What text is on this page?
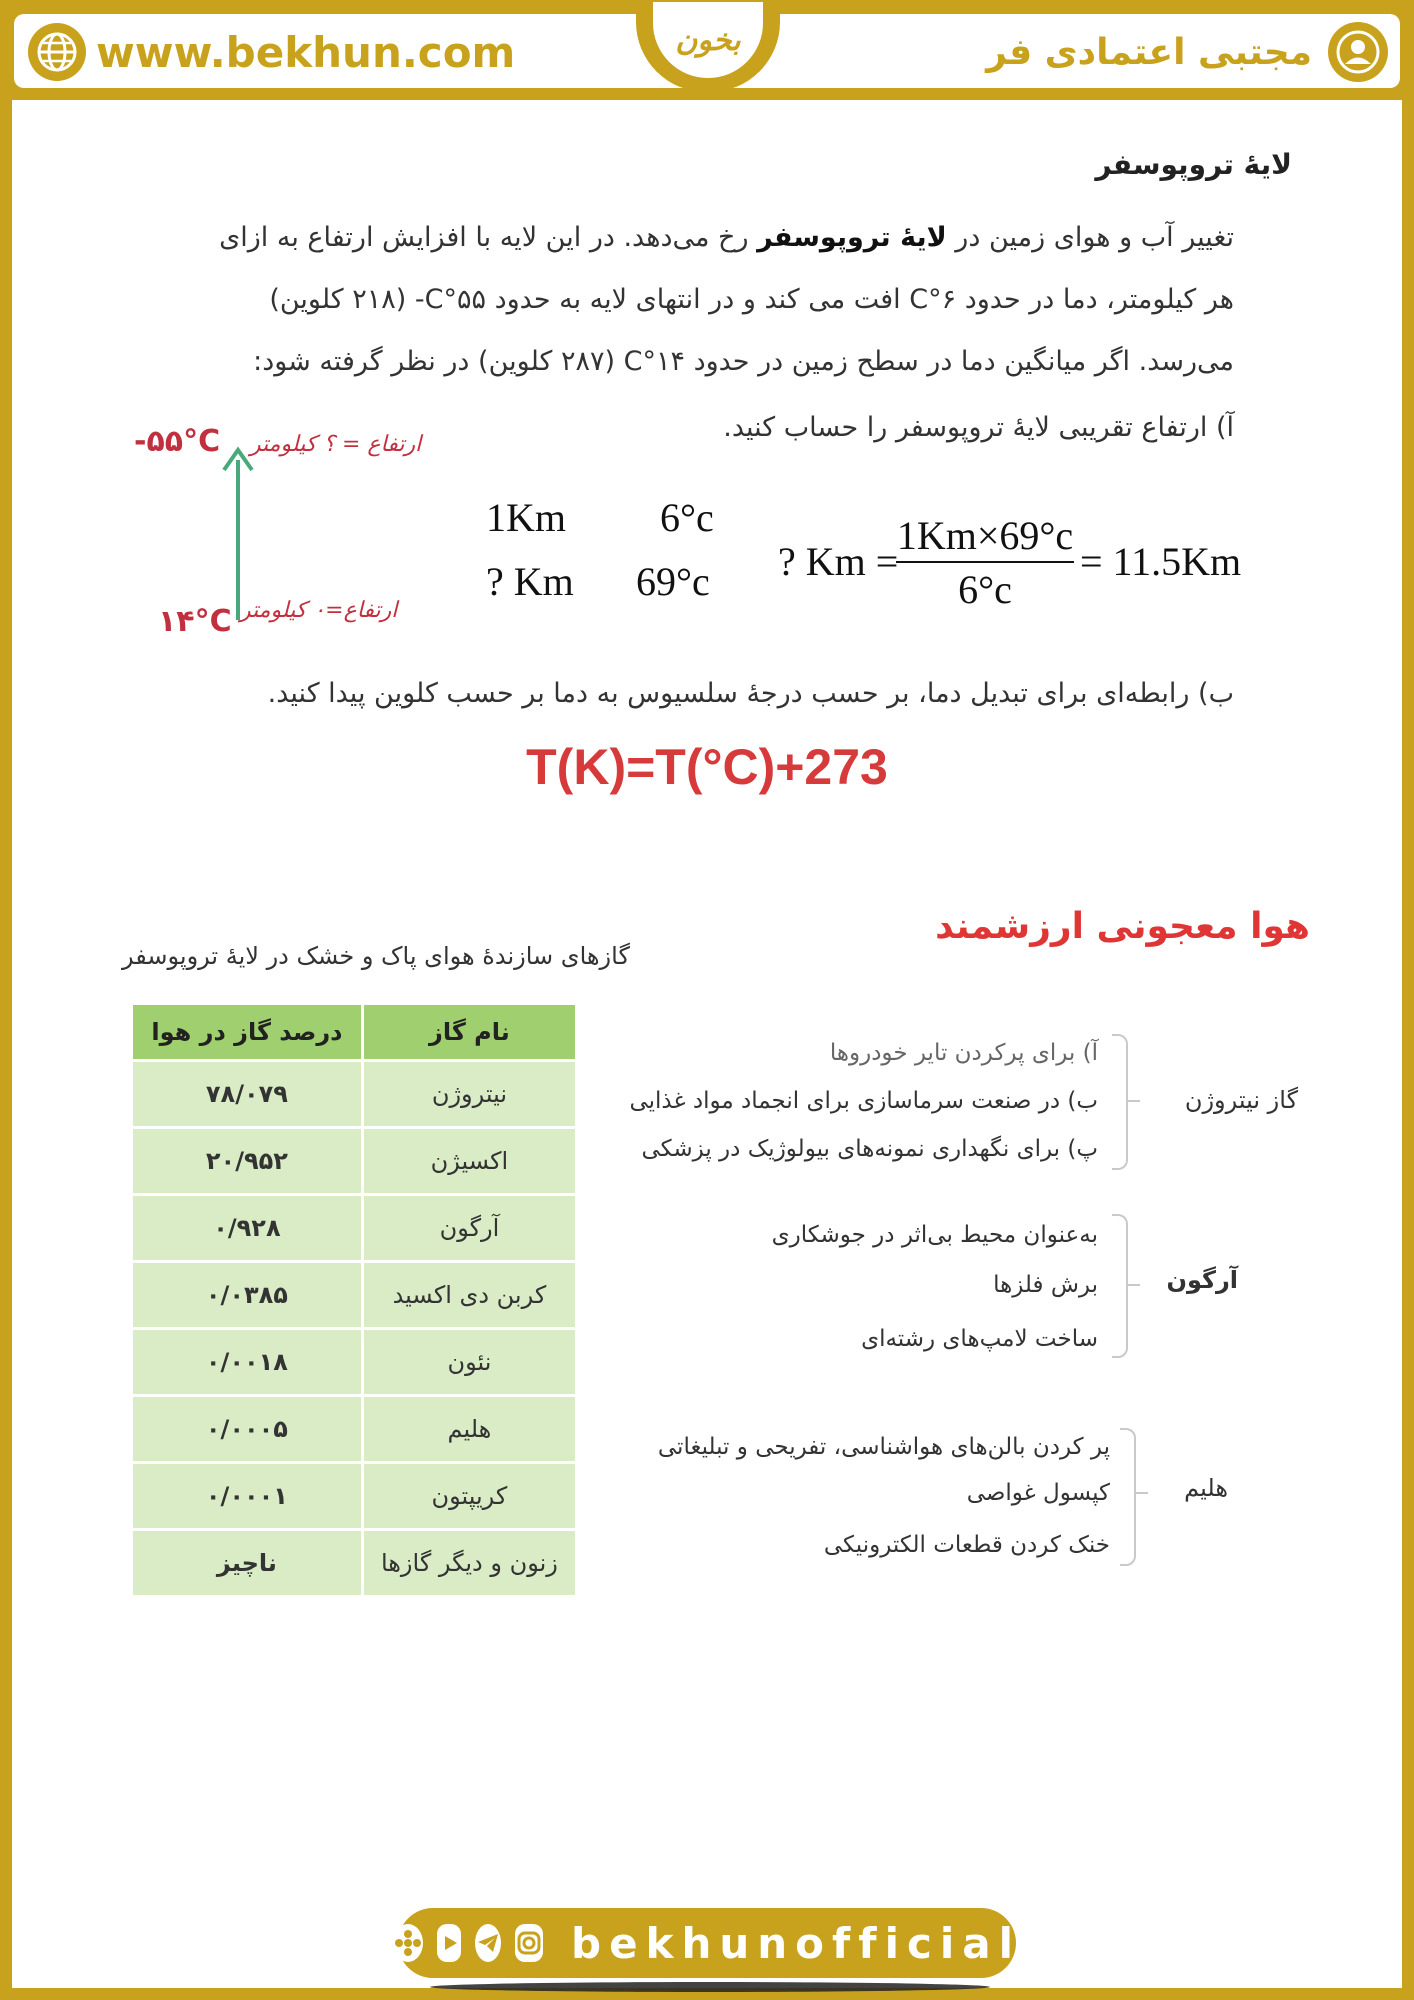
www.bekhun.com	بخون	مجتبی اعتمادی فر
لایهٔ تروپوسفر
تغییر آب و هوای زمین در لایهٔ تروپوسفر رخ می‌دهد. در این لایه با افزایش ارتفاع به ازای
هر کیلومتر، دما در حدود ۶°C افت می کند و در انتهای لایه به حدود ۵۵°C- (۲۱۸ کلوین)
می‌رسد. اگر میانگین دما در سطح زمین در حدود ۱۴°C (۲۸۷ کلوین) در نظر گرفته شود:
آ) ارتفاع تقریبی لایهٔ تروپوسفر را حساب کنید.
ارتفاع = ؟ کیلومتر
-۵۵°C
ارتفاع=۰ کیلومتر
۱۴°C
1Km 6°c
? Km 69°c ? Km =
1Km×69°c
6°c
= 11.5Km
ب) رابطه‌ای برای تبدیل دما، بر حسب درجهٔ سلسیوس به دما بر حسب کلوین پیدا کنید.
T(K)=T(°C)+273
هوا معجونی ارزشمند
گازهای سازندهٔ هوای پاک و خشک در لایهٔ تروپوسفر
نام گاز	درصد گاز در هوا
نیتروژن	۷۸/۰۷۹
اکسیژن	۲۰/۹۵۲
آرگون	۰/۹۲۸
کربن دی اکسید	۰/۰۳۸۵
نئون	۰/۰۰۱۸
هلیم	۰/۰۰۰۵
کریپتون	۰/۰۰۰۱
زنون و دیگر گازها	ناچیز
گاز نیتروژن
آ) برای پرکردن تایر خودروها
ب) در صنعت سرماسازی برای انجماد مواد غذایی
پ) برای نگهداری نمونه‌های بیولوژیک در پزشکی
آرگون
به‌عنوان محیط بی‌اثر در جوشکاری
برش فلزها
ساخت لامپ‌های رشته‌ای
هلیم
پر کردن بالن‌های هواشناسی، تفریحی و تبلیغاتی
کپسول غواصی
خنک کردن قطعات الکترونیکی
bekhunofficial
